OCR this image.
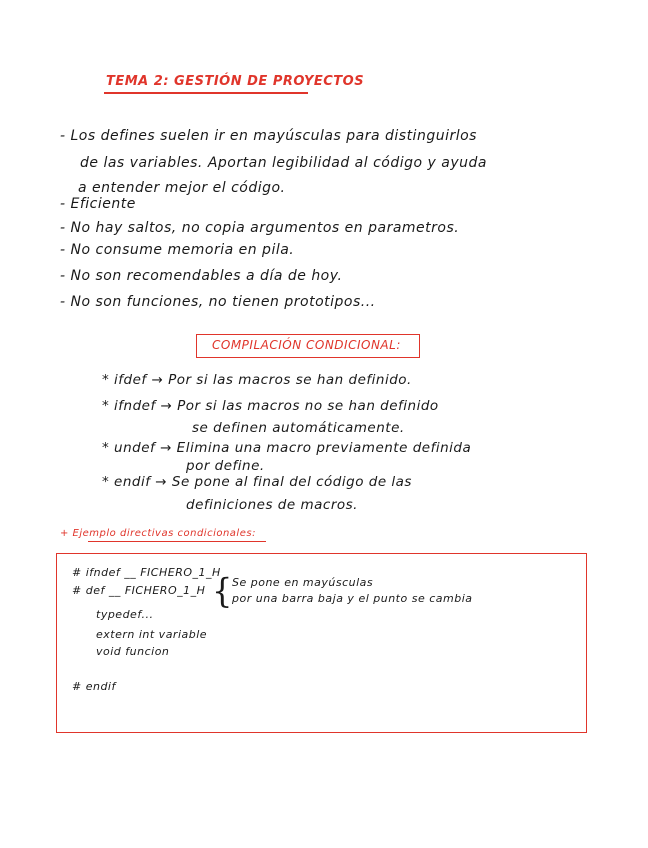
TEMA 2: GESTIÓN DE PROYECTOS
- Los defines suelen ir en mayúsculas para distinguirlos
de las variables. Aportan legibilidad al código y ayuda
a entender mejor el código.
- Eficiente
- No hay saltos, no copia argumentos en parametros.
- No consume memoria en pila.
- No son recomendables a día de hoy.
- No son funciones, no tienen prototipos...
COMPILACIÓN CONDICIONAL:
* ifdef → Por si las macros se han definido.
* ifndef → Por si las macros no se han definido
se definen automáticamente.
* undef → Elimina una macro previamente definida
por define.
* endif → Se pone al final del código de las
definiciones de macros.
+ Ejemplo directivas condicionales:
# ifndef __ FICHERO_1_H
# def __ FICHERO_1_H { Se pone en mayúsculas
por una barra baja y el punto se cambia
typedef...
extern int variable
void funcion
# endif
